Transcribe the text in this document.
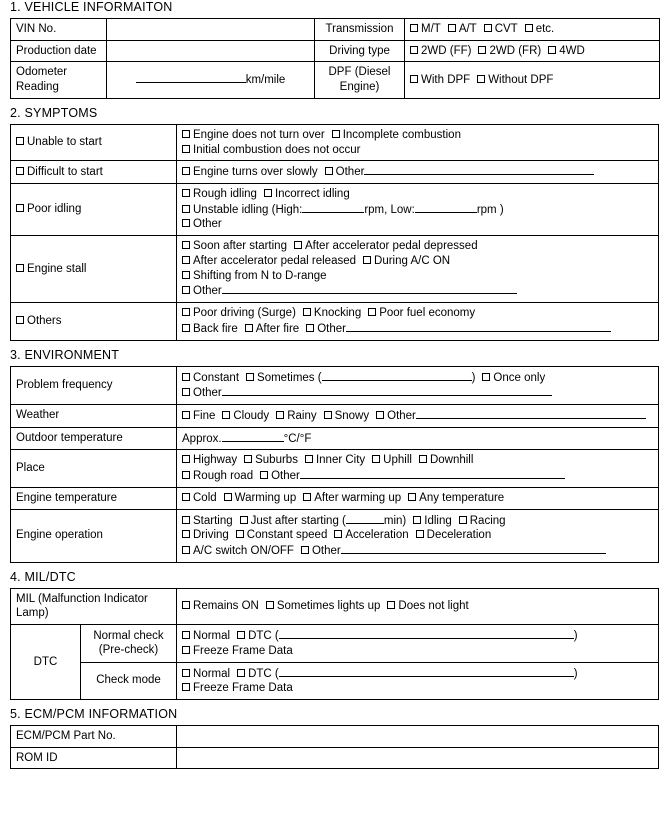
1. VEHICLE INFORMAITON
VIN No.		Transmission	M/T A/T CVT etc.
Production date		Driving type	2WD (FF) 2WD (FR) 4WD
Odometer Reading	km/mile	DPF (Diesel Engine)	With DPF Without DPF
2. SYMPTOMS
Unable to start	Engine does not turn over Incomplete combustion
Initial combustion does not occur

Difficult to start	Engine turns over slowly Other

Poor idling	Rough idling Incorrect idling
Unstable idling (High: rpm, Low: rpm )
Other

Engine stall	Soon after starting After accelerator pedal depressed
After accelerator pedal released During A/C ON
Shifting from N to D-range
Other

Others	Poor driving (Surge) Knocking Poor fuel economy
Back fire After fire Other
3. ENVIRONMENT
Problem frequency	Constant Sometimes ( ) Once only
Other

Weather	Fine Cloudy Rainy Snowy Other

Outdoor temperature	Approx. °C/°F
Place	Highway Suburbs Inner City Uphill Downhill
Rough road Other

Engine temperature	Cold Warming up After warming up Any temperature

Engine operation	Starting Just after starting ( min) Idling Racing
Driving Constant speed Acceleration Deceleration
A/C switch ON/OFF Other
4. MIL/DTC
MIL (Malfunction Indicator Lamp)		Remains ON Sometimes lights up Does not light
DTC	Normal check (Pre-check)	Normal DTC ( )
Freeze Frame Data

	Check mode	Normal DTC ( )
Freeze Frame Data
5. ECM/PCM INFORMATION
ECM/PCM Part No.	
ROM ID	
